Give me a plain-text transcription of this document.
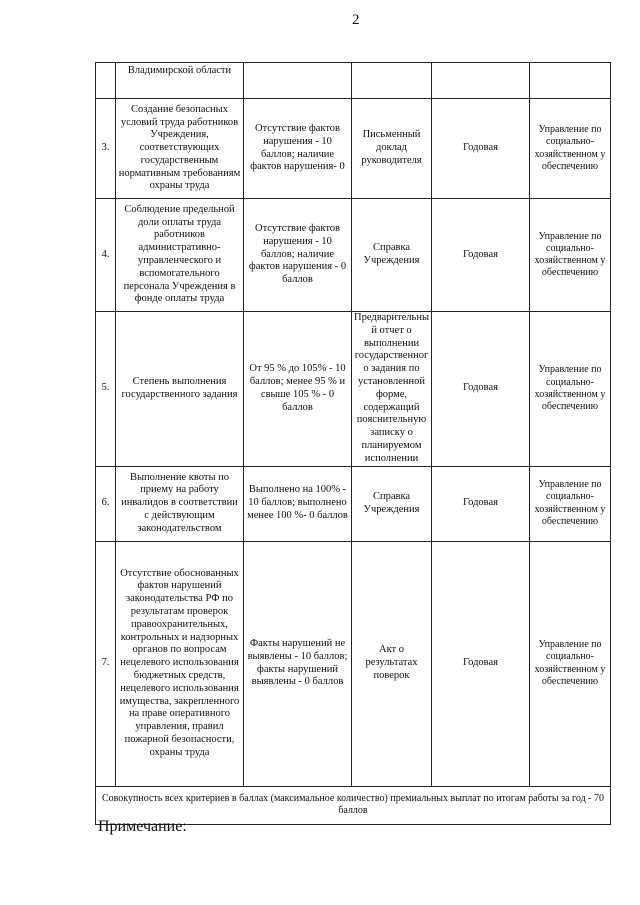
2
	Владимирской области				
3.	Создание безопасных условий труда работников Учреждения, соответствующих государственным нормативным требованиям охраны труда	Отсутствие фактов нарушения - 10 баллов; наличие фактов нарушения- 0	Письменный доклад руководителя	Годовая	Управление по социально-хозяйственном у обеспечению
4.	Соблюдение предельной доли оплаты труда работников административно-управленческого и вспомогательного персонала Учреждения в фонде оплаты труда	Отсутствие фактов нарушения - 10 баллов; наличие фактов нарушения - 0 баллов	Справка Учреждения	Годовая	Управление по социально-хозяйственном у обеспечению
5.	Степень выполнения государственного задания	От 95 % до 105% - 10 баллов; менее 95 % и свыше 105 % - 0 баллов	Предварительный отчет о выполнении государственного задания по установленной форме, содержащий пояснительную записку о планируемом исполнении	Годовая	Управление по социально-хозяйственном у обеспечению
6.	Выполнение квоты по приему на работу инвалидов в соответствии с действующим законодательством	Выполнено на 100% - 10 баллов; выполнено менее 100 %- 0 баллов	Справка Учреждения	Годовая	Управление по социально-хозяйственном у обеспечению
7.	Отсутствие обоснованных фактов нарушений законодательства РФ по результатам проверок правоохранительных, контрольных и надзорных органов по вопросам нецелевого использования бюджетных средств, нецелевого использования имущества, закрепленного на праве оперативного управления, правил пожарной безопасности, охраны труда	Факты нарушений не выявлены - 10 баллов; факты нарушений выявлены - 0 баллов	Акт о результатах поверок	Годовая	Управление по социально-хозяйственном у обеспечению
Совокупность всех критериев в баллах (максимальное количество) премиальных выплат по итогам работы за год - 70 баллов					
Примечание:
